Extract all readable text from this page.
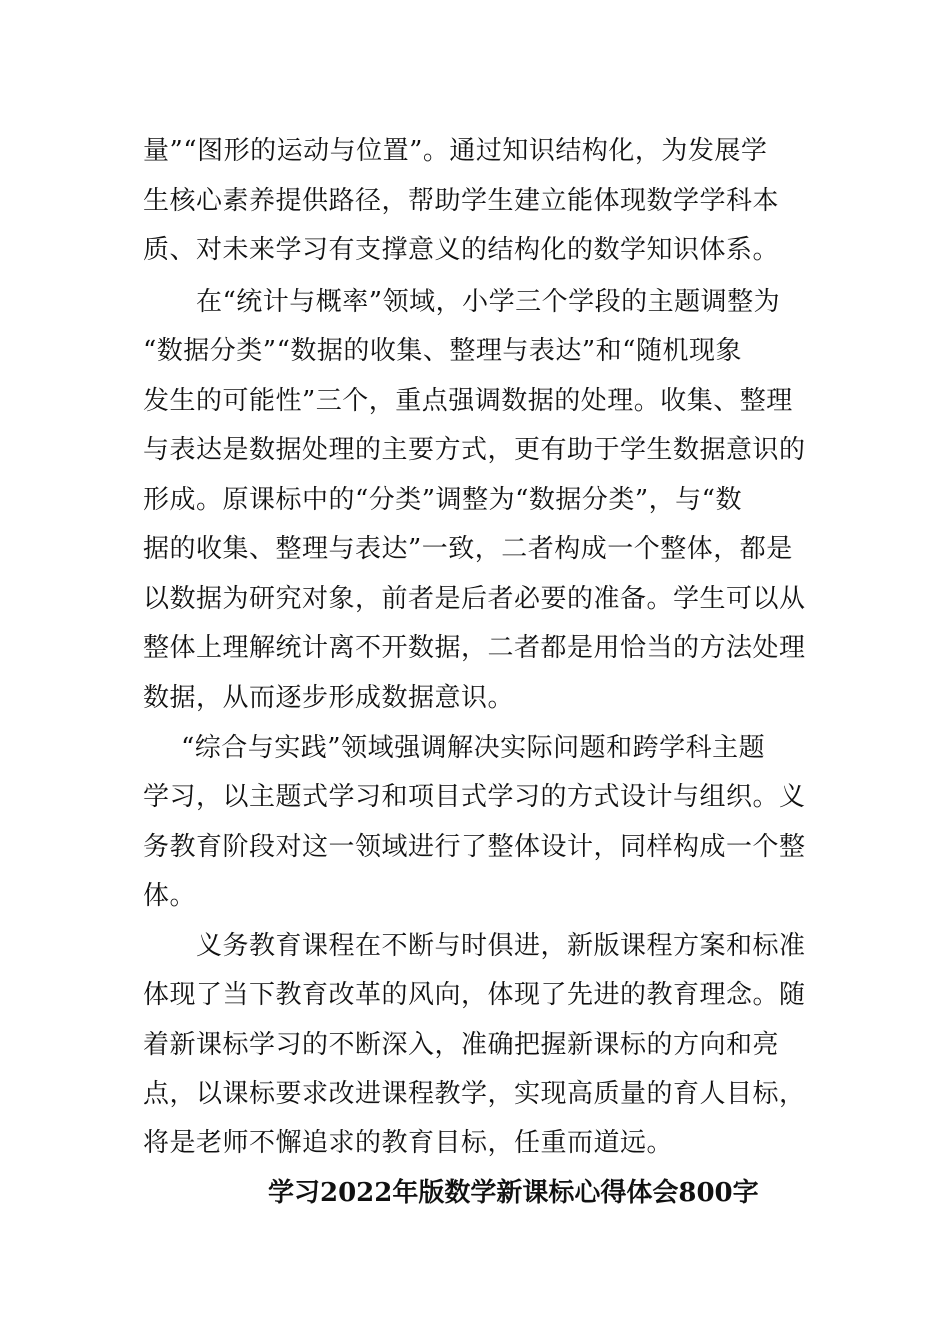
量”“图形的运动与位置”。通过知识结构化，为发展学
生核心素养提供路径，帮助学生建立能体现数学学科本
质、对未来学习有支撑意义的结构化的数学知识体系。
在“统计与概率”领域，小学三个学段的主题调整为
“数据分类”“数据的收集、整理与表达”和“随机现象
发生的可能性”三个，重点强调数据的处理。收集、整理
与表达是数据处理的主要方式，更有助于学生数据意识的
形成。原课标中的“分类”调整为“数据分类”，与“数
据的收集、整理与表达”一致，二者构成一个整体，都是
以数据为研究对象，前者是后者必要的准备。学生可以从
整体上理解统计离不开数据，二者都是用恰当的方法处理
数据，从而逐步形成数据意识。
“综合与实践”领域强调解决实际问题和跨学科主题
学习，以主题式学习和项目式学习的方式设计与组织。义
务教育阶段对这一领域进行了整体设计，同样构成一个整
体。
义务教育课程在不断与时俱进，新版课程方案和标准
体现了当下教育改革的风向，体现了先进的教育理念。随
着新课标学习的不断深入，准确把握新课标的方向和亮
点，以课标要求改进课程教学，实现高质量的育人目标，
将是老师不懈追求的教育目标，任重而道远。
学习2022年版数学新课标心得体会800字
